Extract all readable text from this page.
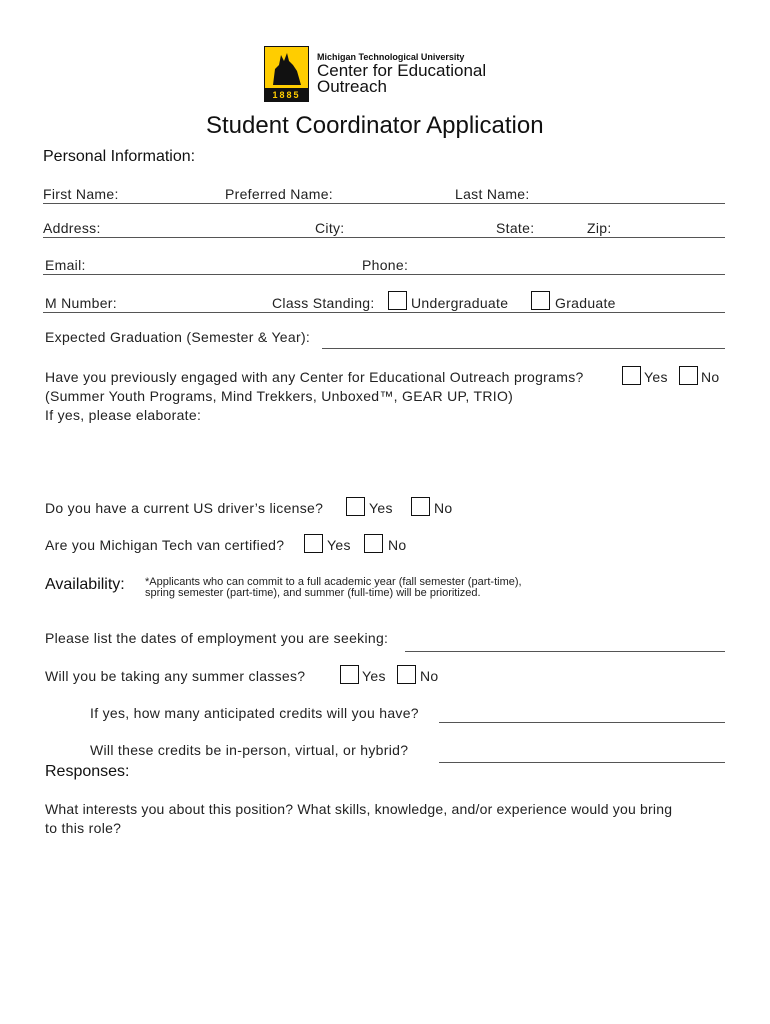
1885
Michigan Technological University
Center for Educational
Outreach
Student Coordinator Application
Personal Information:
First Name:	Preferred Name:	Last Name:
Address:	City:	State:	Zip:
Email:	Phone:
M Number:	Class Standing:	Undergraduate	Graduate
Expected Graduation (Semester & Year):
Have you previously engaged with any Center for Educational Outreach programs?	Yes No
(Summer Youth Programs, Mind Trekkers, Unboxed™, GEAR UP, TRIO)
If yes, please elaborate:
Do you have a current US driver’s license?	Yes	No
Are you Michigan Tech van certified?	Yes	No
Availability: *Applicants who can commit to a full academic year (fall semester (part-time),
spring semester (part-time), and summer (full-time) will be prioritized.
Please list the dates of employment you are seeking:
Will you be taking any summer classes?	Yes No
If yes, how many anticipated credits will you have?
Will these credits be in-person, virtual, or hybrid?
Responses:
What interests you about this position? What skills, knowledge, and/or experience would you bring
to this role?
